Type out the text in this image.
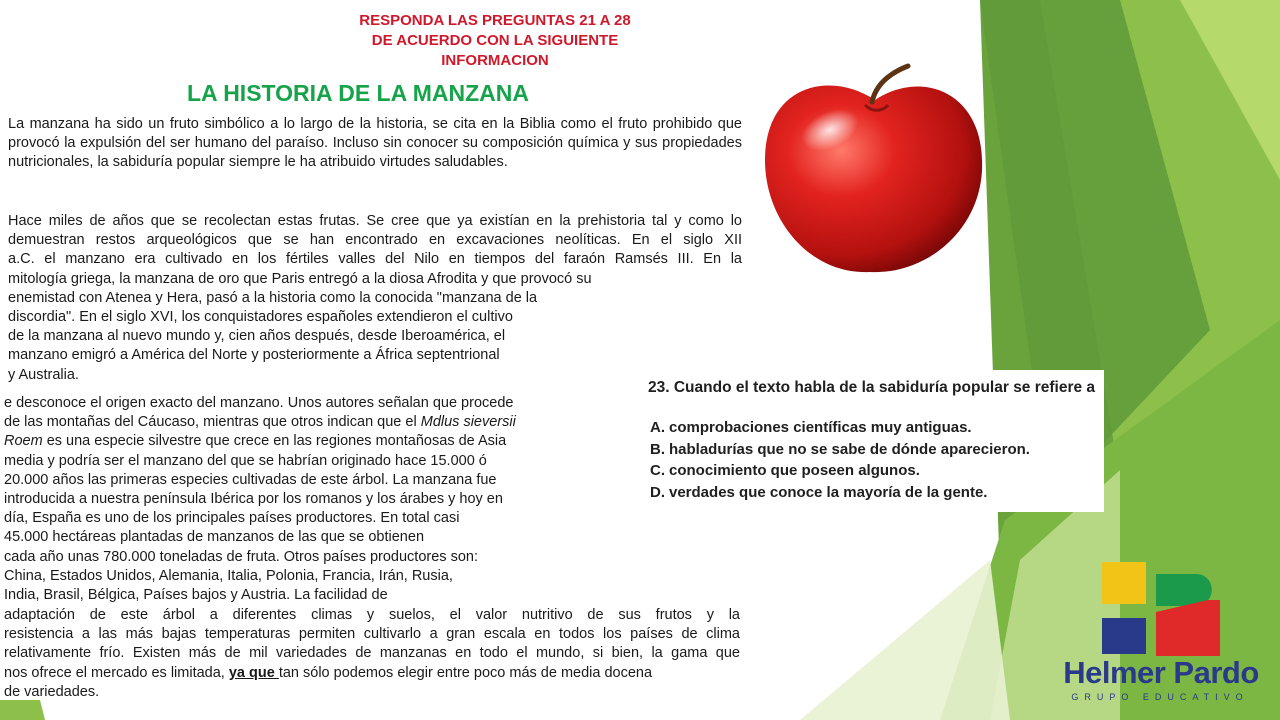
RESPONDA LAS PREGUNTAS 21 A 28
DE ACUERDO CON LA SIGUIENTE
INFORMACION
LA HISTORIA DE LA MANZANA

La manzana ha sido un fruto simbólico a lo largo de la historia, se cita en la Biblia como el fruto prohibido que provocó la expulsión del ser humano del paraíso. Incluso sin conocer su composición química y sus propiedades nutricionales, la sabiduría popular siempre le ha atribuido virtudes saludables.

Hace miles de años que se recolectan estas frutas. Se cree que ya existían en la prehistoria tal y como lo
demuestran restos arqueológicos que se han encontrado en excavaciones neolíticas. En el siglo XII
a.C. el manzano era cultivado en los fértiles valles del Nilo en tiempos del faraón Ramsés III. En la
mitología griega, la manzana de oro que Paris entregó a la diosa Afrodita y que provocó su
enemistad con Atenea y Hera, pasó a la historia como la conocida "manzana de la
discordia". En el siglo XVI, los conquistadores españoles extendieron el cultivo
de la manzana al nuevo mundo y, cien años después, desde Iberoamérica, el
manzano emigró a América del Norte y posteriormente a África septentrional
y Australia.
e desconoce el origen exacto del manzano. Unos autores señalan que procede
de las montañas del Cáucaso, mientras que otros indican que el Mdlus sieversii
Roem es una especie silvestre que crece en las regiones montañosas de Asia
media y podría ser el manzano del que se habrían originado hace 15.000 ó
20.000 años las primeras especies cultivadas de este árbol. La manzana fue
introducida a nuestra península Ibérica por los romanos y los árabes y hoy en
día, España es uno de los principales países productores. En total casi
45.000 hectáreas plantadas de manzanos de las que se obtienen
cada año unas 780.000 toneladas de fruta. Otros países productores son:
China, Estados Unidos, Alemania, Italia, Polonia, Francia, Irán, Rusia,
India, Brasil, Bélgica, Países bajos y Austria. La facilidad de
adaptación de este árbol a diferentes climas y suelos, el valor nutritivo de sus frutos y la
resistencia a las más bajas temperaturas permiten cultivarlo a gran escala en todos los países de clima
relativamente frío. Existen más de mil variedades de manzanas en todo el mundo, si bien, la gama que
nos ofrece el mercado es limitada, ya que tan sólo podemos elegir entre poco más de media docena
de variedades.
23. Cuando el texto habla de la sabiduría popular se refiere a
A. comprobaciones científicas muy antiguas.
B. habladurías que no se sabe de dónde aparecieron.
C. conocimiento que poseen algunos.
D. verdades que conoce la mayoría de la gente.
Helmer Pardo
GRUPO EDUCATIVO
